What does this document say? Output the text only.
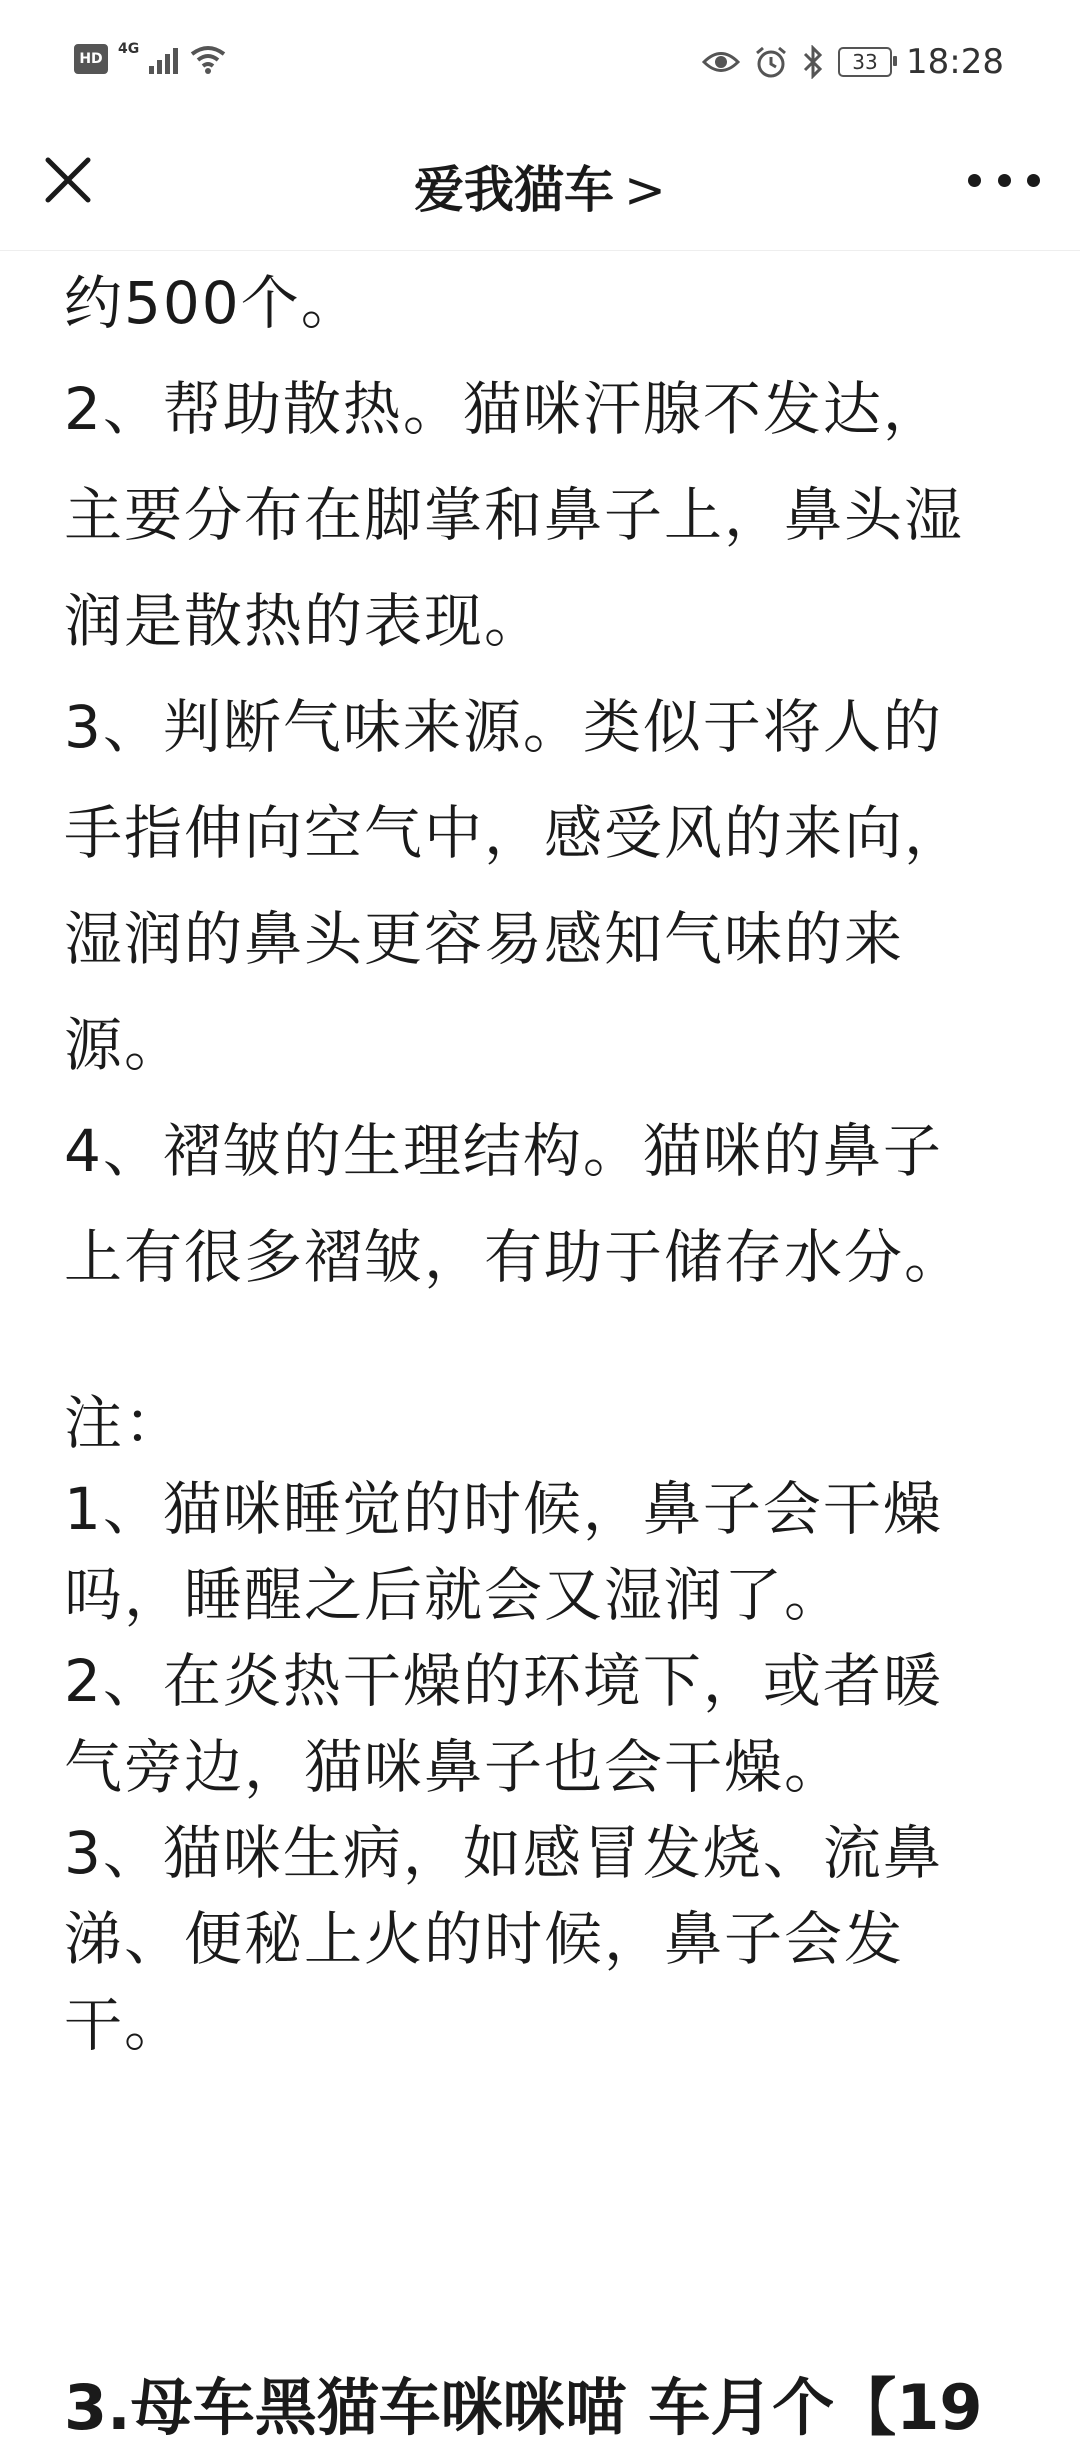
HD
4G
33 18:28
爱我猫车 >

约500个。
2、帮助散热。猫咪汗腺不发达，
主要分布在脚掌和鼻子上，鼻头湿
润是散热的表现。
3、判断气味来源。类似于将人的
手指伸向空气中，感受风的来向，
湿润的鼻头更容易感知气味的来
源。
4、褶皱的生理结构。猫咪的鼻子
上有很多褶皱，有助于储存水分。

注：
1、猫咪睡觉的时候，鼻子会干燥
吗，睡醒之后就会又湿润了。
2、在炎热干燥的环境下，或者暖
气旁边，猫咪鼻子也会干燥。
3、猫咪生病，如感冒发烧、流鼻
涕、便秘上火的时候，鼻子会发
干。

3.母车黑猫车咪咪喵 车月个【19
